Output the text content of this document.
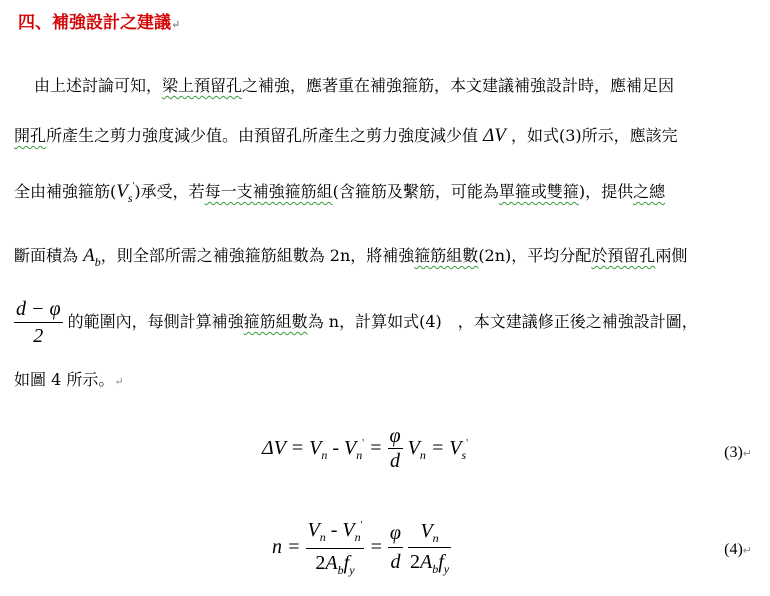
四、補強設計之建議↵
由上述討論可知，梁上預留孔之補強，應著重在補強箍筋，本文建議補強設計時，應補足因
開孔所產生之剪力強度減少值。由預留孔所產生之剪力強度減少值 ΔV ，如式(3)所示，應該完
全由補強箍筋$(V_s')$承受，若每一支補強箍筋組(含箍筋及繫筋，可能為單箍或雙箍)，提供之總
斷面積為 $A_b$，則全部所需之補強箍筋組數為 2n，將補強箍筋組數(2n)，平均分配於預留孔兩側
$\frac{d - \varphi}{2}$ 的範圍內，每側計算補強箍筋組數為 n，計算如式(4)　，本文建議修正後之補強設計圖，
如圖 4 所示。↵
$\Delta V = V_n - V_n' = \frac{\varphi}{d} V_n = V_s'$
(3)↵
$n = \frac{V_n - V_n'}{2A_bf_y} = \frac{\varphi}{d}$
$\frac{V_n}{2A_bf_y}$	(4)↵
